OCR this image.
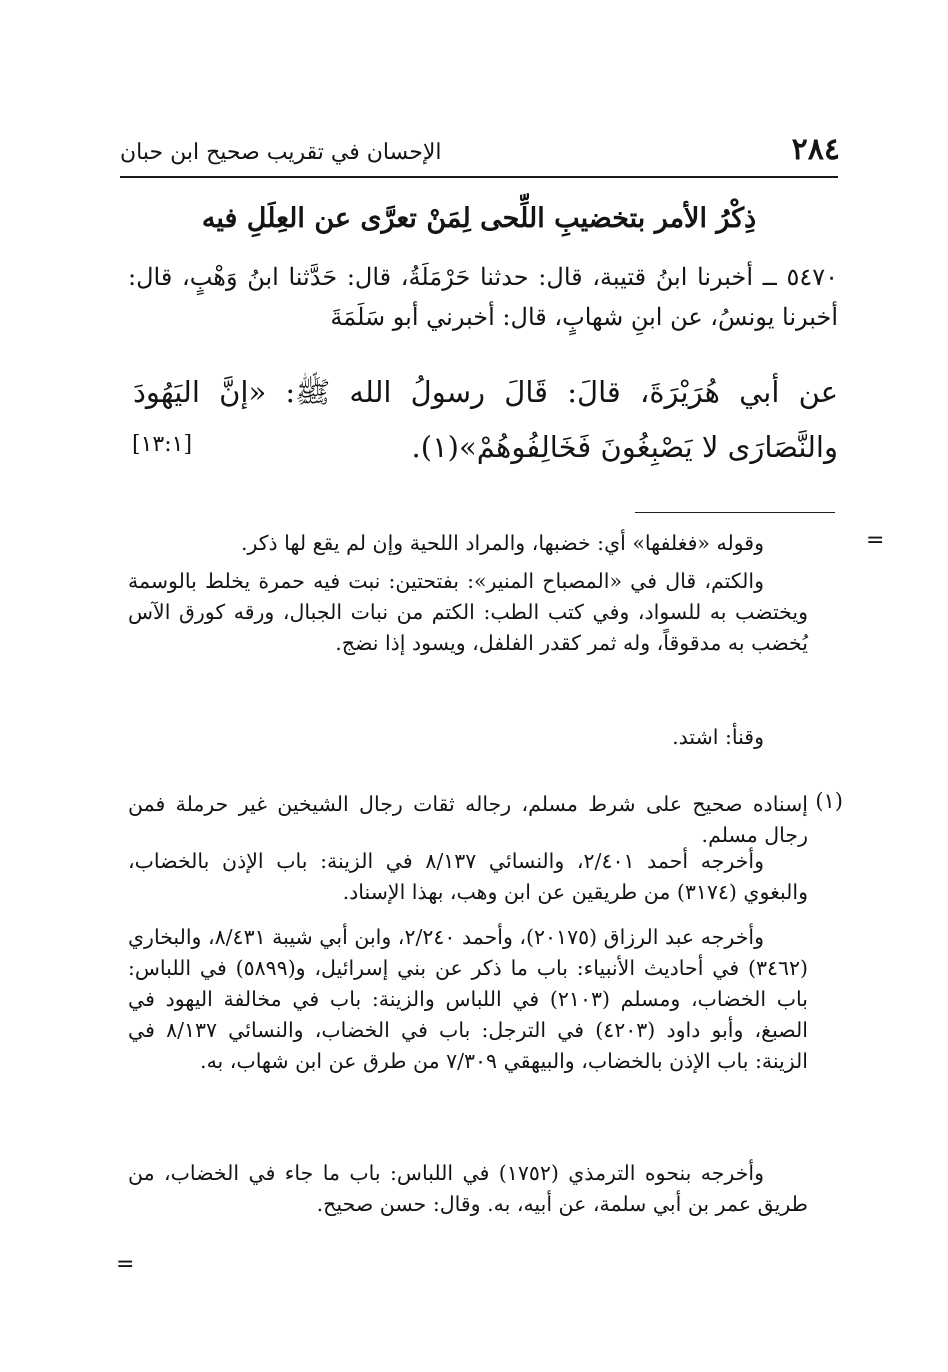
٢٨٤
الإحسان في تقريب صحيح ابن حبان
ذِكْرُ الأمر بتخضيبِ اللِّحى لِمَنْ تعرَّى عن العِلَلِ فيه

٥٤٧٠ ــ أخبرنا ابنُ قتيبة، قال: حدثنا حَرْمَلَةُ، قال: حَدَّثنا ابنُ وَهْبٍ، قال: أخبرنا يونسُ، عن ابنِ شهابٍ، قال: أخبرني أبو سَلَمَةَ

عن أبي هُرَيْرَةَ، قالَ: قَالَ رسولُ الله ﷺ: «إنَّ اليَهُودَ والنَّصَارَى لا يَصْبِغُونَ فَخَالِفُوهُمْ»(١).

[١٣:١]
=

وقوله «فغلفها» أي: خضبها، والمراد اللحية وإن لم يقع لها ذكر.

والكتم، قال في «المصباح المنير»: بفتحتين: نبت فيه حمرة يخلط بالوسمة ويختضب به للسواد، وفي كتب الطب: الكتم من نبات الجبال، ورقه كورق الآس يُخضب به مدقوقاً، وله ثمر كقدر الفلفل، ويسود إذا نضج.

وقنأ: اشتد.

(١)

إسناده صحيح على شرط مسلم، رجاله ثقات رجال الشيخين غير حرملة فمن رجال مسلم.

وأخرجه أحمد ٢/٤٠١، والنسائي ٨/١٣٧ في الزينة: باب الإذن بالخضاب، والبغوي (٣١٧٤) من طريقين عن ابن وهب، بهذا الإسناد.

وأخرجه عبد الرزاق (٢٠١٧٥)، وأحمد ٢/٢٤٠، وابن أبي شيبة ٨/٤٣١، والبخاري (٣٤٦٢) في أحاديث الأنبياء: باب ما ذكر عن بني إسرائيل، و(٥٨٩٩) في اللباس: باب الخضاب، ومسلم (٢١٠٣) في اللباس والزينة: باب في مخالفة اليهود في الصبغ، وأبو داود (٤٢٠٣) في الترجل: باب في الخضاب، والنسائي ٨/١٣٧ في الزينة: باب الإذن بالخضاب، والبيهقي ٧/٣٠٩ من طرق عن ابن شهاب، به.

وأخرجه بنحوه الترمذي (١٧٥٢) في اللباس: باب ما جاء في الخضاب، من طريق عمر بن أبي سلمة، عن أبيه، به. وقال: حسن صحيح.

=
